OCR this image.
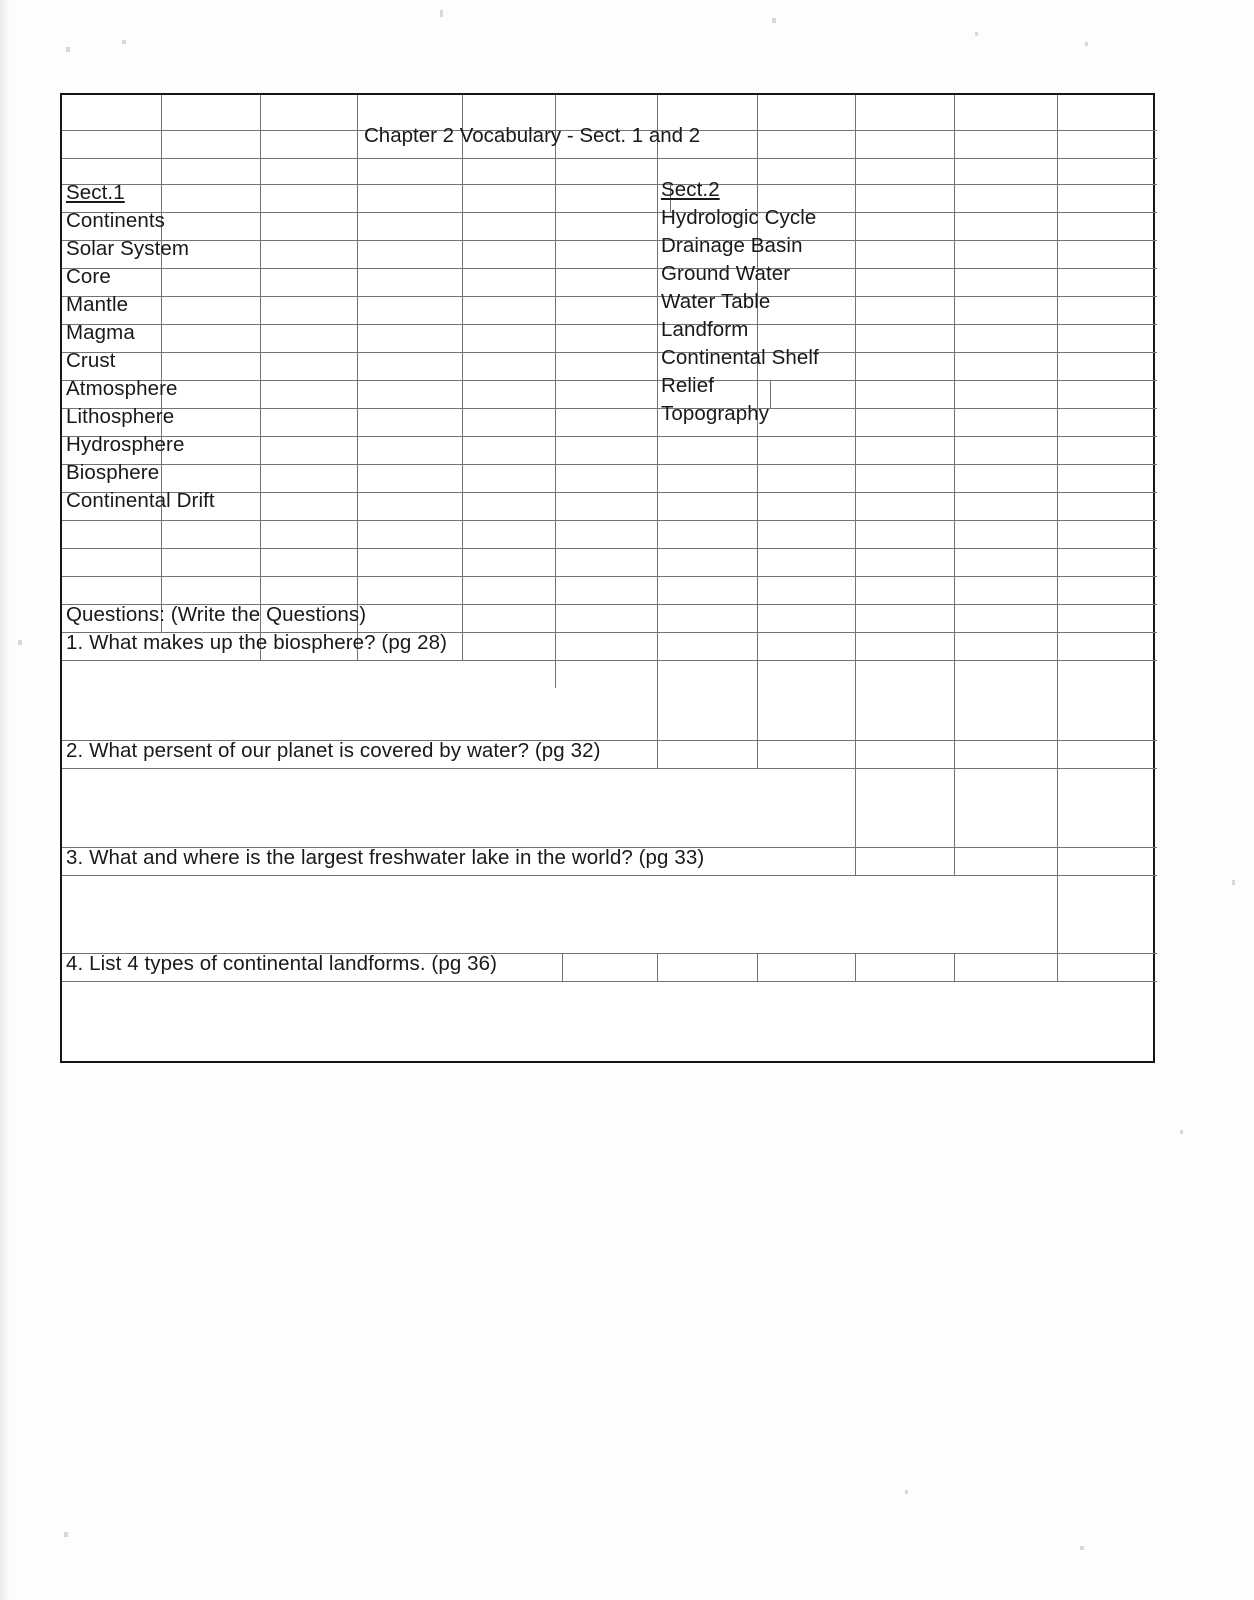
Chapter 2 Vocabulary - Sect. 1 and 2
Sect.1
Continents
Solar System
Core
Mantle
Magma
Crust
Atmosphere
Lithosphere
Hydrosphere
Biosphere
Continental Drift
Sect.2
Hydrologic Cycle
Drainage Basin
Ground Water
Water Table
Landform
Continental Shelf
Relief
Topography
Questions: (Write the Questions)
1. What makes up the biosphere? (pg 28)
2. What persent of our planet is covered by water? (pg 32)
3. What and where is the largest freshwater lake in the world? (pg 33)
4. List 4 types of continental landforms. (pg 36)
